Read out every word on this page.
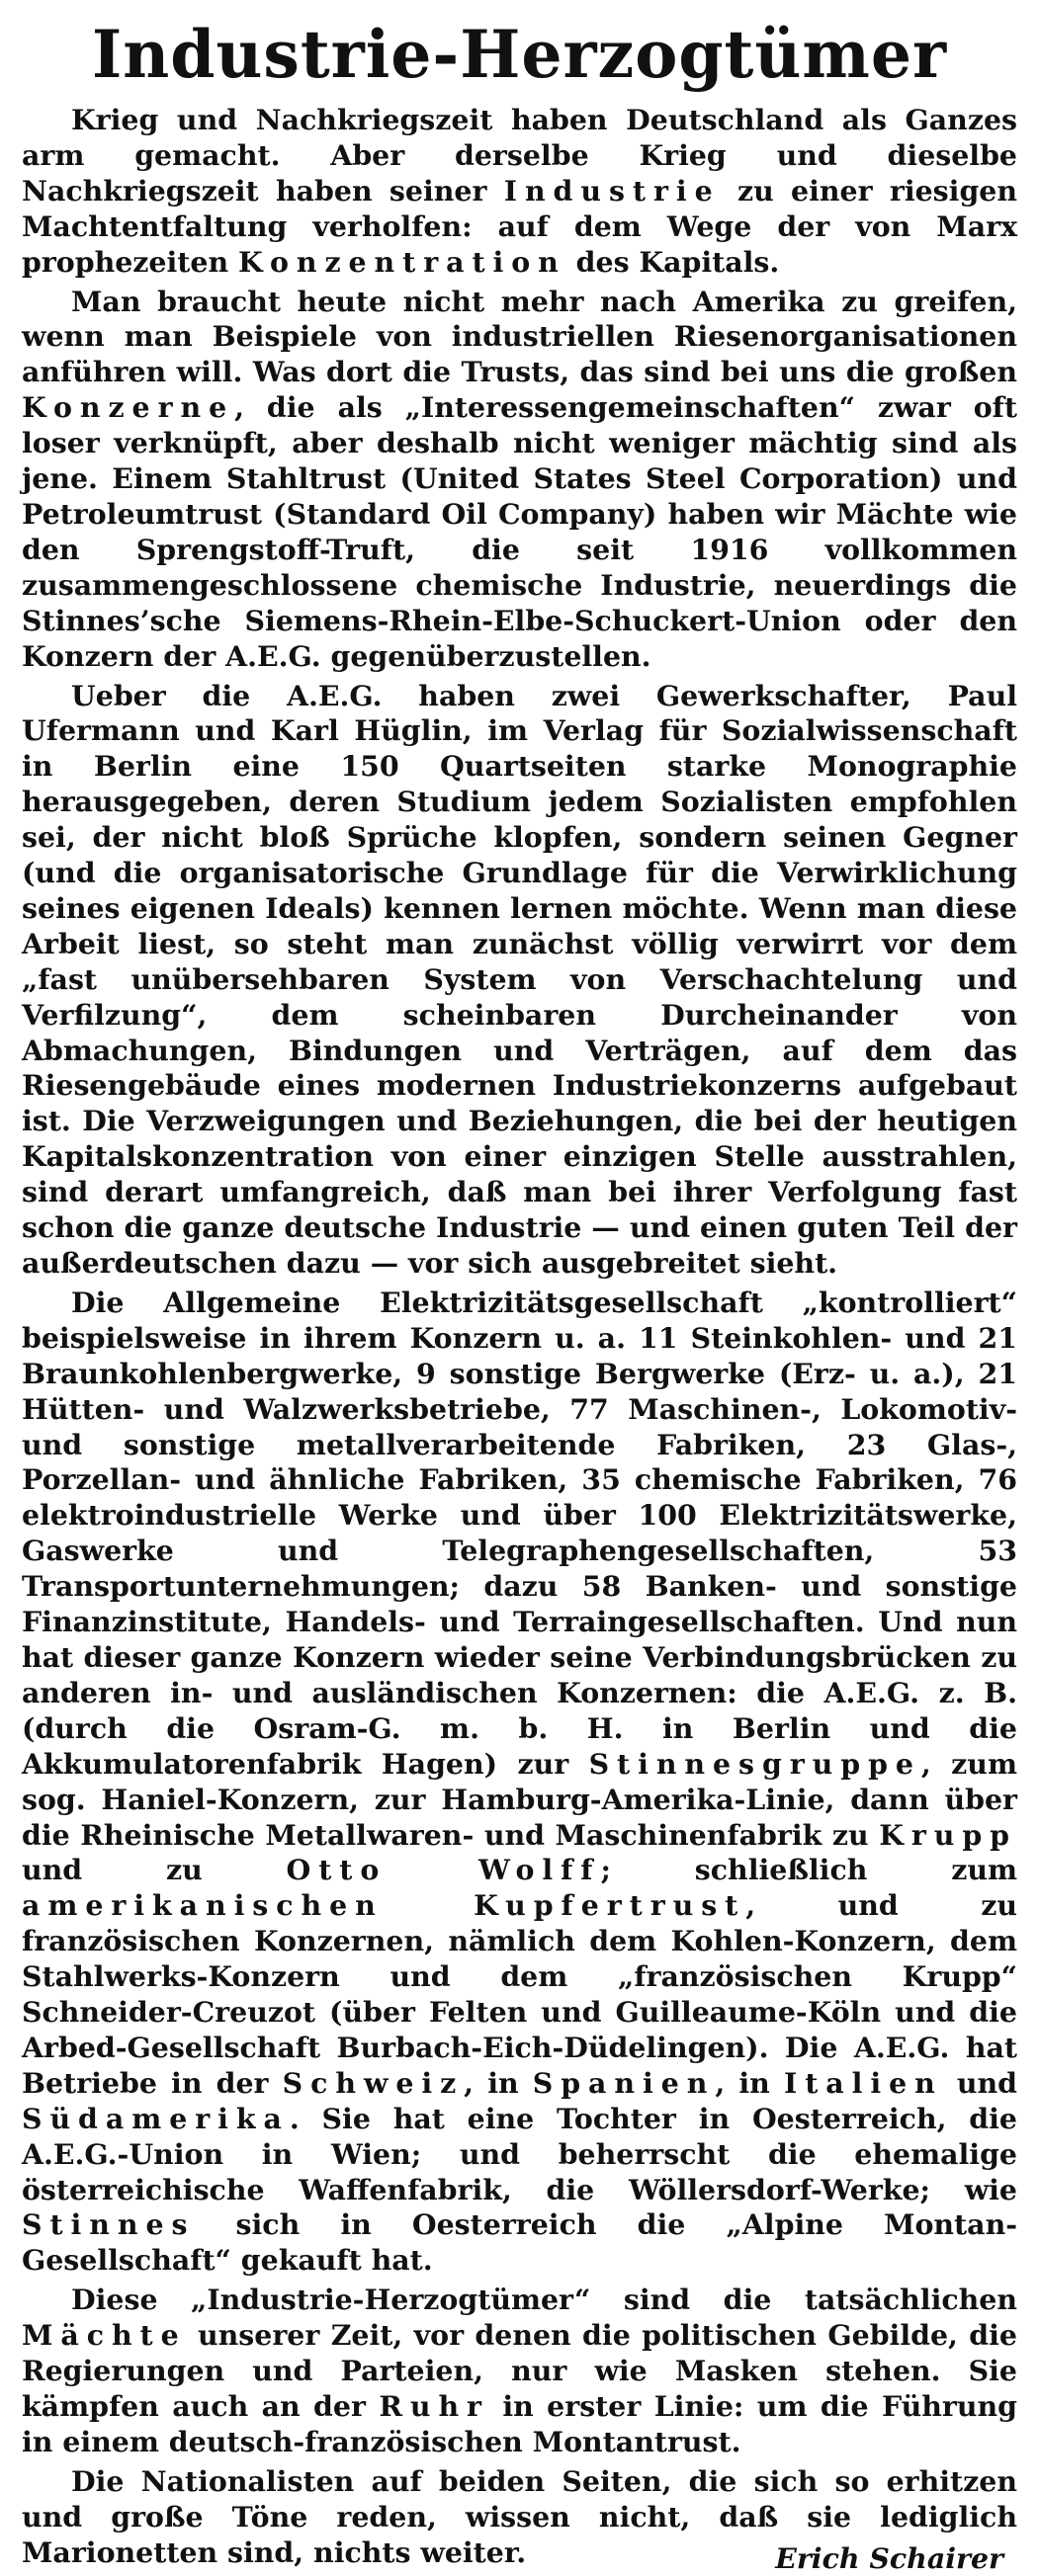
Industrie-Herzogtümer

Krieg und Nachkriegszeit haben Deutschland als Ganzes arm gemacht. Aber derselbe Krieg und dieselbe Nachkriegszeit haben seiner Industrie zu einer riesigen Machtentfaltung verholfen: auf dem Wege der von Marx prophezeiten Konzentration des Kapitals.

Man braucht heute nicht mehr nach Amerika zu greifen, wenn man Beispiele von industriellen Riesenorganisationen anführen will. Was dort die Trusts, das sind bei uns die großen Konzerne, die als „Interessengemeinschaften“ zwar oft loser verknüpft, aber deshalb nicht weniger mächtig sind als jene. Einem Stahltrust (United States Steel Corporation) und Petroleumtrust (Standard Oil Company) haben wir Mächte wie den Sprengstoff-Truft, die seit 1916 vollkommen zusammengeschlossene chemische Industrie, neuerdings die Stinnes’sche Siemens-Rhein-Elbe-Schuckert-Union oder den Konzern der A.E.G. gegenüberzustellen.

Ueber die A.E.G. haben zwei Gewerkschafter, Paul Ufermann und Karl Hüglin, im Verlag für Sozialwissenschaft in Berlin eine 150 Quartseiten starke Monographie herausgegeben, deren Studium jedem Sozialisten empfohlen sei, der nicht bloß Sprüche klopfen, sondern seinen Gegner (und die organisatorische Grundlage für die Verwirklichung seines eigenen Ideals) kennen lernen möchte. Wenn man diese Arbeit liest, so steht man zunächst völlig verwirrt vor dem „fast unübersehbaren System von Verschachtelung und Verfilzung“, dem scheinbaren Durcheinander von Abmachungen, Bindungen und Verträgen, auf dem das Riesengebäude eines modernen Industriekonzerns aufgebaut ist. Die Verzweigungen und Beziehungen, die bei der heutigen Kapitalskonzentration von einer einzigen Stelle ausstrahlen, sind derart umfangreich, daß man bei ihrer Verfolgung fast schon die ganze deutsche Industrie — und einen guten Teil der außerdeutschen dazu — vor sich ausgebreitet sieht.

Die Allgemeine Elektrizitätsgesellschaft „kontrolliert“ beispielsweise in ihrem Konzern u. a. 11 Steinkohlen- und 21 Braunkohlenbergwerke, 9 sonstige Bergwerke (Erz- u. a.), 21 Hütten- und Walzwerksbetriebe, 77 Maschinen-, Lokomotiv- und sonstige metallverarbeitende Fabriken, 23 Glas-, Porzellan- und ähnliche Fabriken, 35 chemische Fabriken, 76 elektroindustrielle Werke und über 100 Elektrizitätswerke, Gaswerke und Telegraphengesellschaften, 53 Transportunternehmungen; dazu 58 Banken- und sonstige Finanzinstitute, Handels- und Terraingesellschaften. Und nun hat dieser ganze Konzern wieder seine Verbindungsbrücken zu anderen in- und ausländischen Konzernen: die A.E.G. z. B. (durch die Osram-G. m. b. H. in Berlin und die Akkumulatorenfabrik Hagen) zur Stinnesgruppe, zum sog. Haniel-Konzern, zur Hamburg-Amerika-Linie, dann über die Rheinische Metallwaren- und Maschinenfabrik zu Krupp und zu Otto Wolff; schließlich zum amerikanischen Kupfertrust, und zu französischen Konzernen, nämlich dem Kohlen-Konzern, dem Stahlwerks-Konzern und dem „französischen Krupp“ Schneider-Creuzot (über Felten und Guilleaume-Köln und die Arbed-Gesellschaft Burbach-Eich-Düdelingen). Die A.E.G. hat Betriebe in der Schweiz, in Spanien, in Italien und Südamerika. Sie hat eine Tochter in Oesterreich, die A.E.G.-Union in Wien; und beherrscht die ehemalige österreichische Waffenfabrik, die Wöllersdorf-Werke; wie Stinnes sich in Oesterreich die „Alpine Montan-Gesellschaft“ gekauft hat.

Diese „Industrie-Herzogtümer“ sind die tatsächlichen Mächte unserer Zeit, vor denen die politischen Gebilde, die Regierungen und Parteien, nur wie Masken stehen. Sie kämpfen auch an der Ruhr in erster Linie: um die Führung in einem deutsch-französischen Montantrust.

Die Nationalisten auf beiden Seiten, die sich so erhitzen und große Töne reden, wissen nicht, daß sie lediglich Marionetten sind, nichts weiter.	Erich Schairer
